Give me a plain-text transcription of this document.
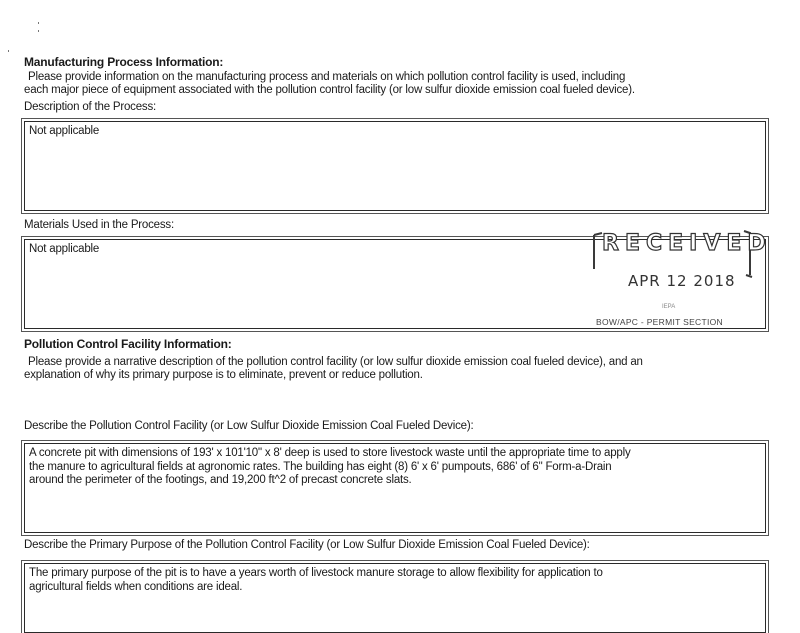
Manufacturing Process Information:
Please provide information on the manufacturing process and materials on which pollution control facility is used, including
each major piece of equipment associated with the pollution control facility (or low sulfur dioxide emission coal fueled device).
Description of the Process:
Not applicable
Materials Used in the Process:
Not applicable	RECEIVED
APR 12 2018
IEPA
BOW/APC - PERMIT SECTION
Pollution Control Facility Information:
Please provide a narrative description of the pollution control facility (or low sulfur dioxide emission coal fueled device), and an
explanation of why its primary purpose is to eliminate, prevent or reduce pollution.
Describe the Pollution Control Facility (or Low Sulfur Dioxide Emission Coal Fueled Device):
A concrete pit with dimensions of 193' x 101'10" x 8' deep is used to store livestock waste until the appropriate time to apply
the manure to agricultural fields at agronomic rates. The building has eight (8) 6' x 6' pumpouts, 686' of 6" Form-a-Drain
around the perimeter of the footings, and 19,200 ft^2 of precast concrete slats.
Describe the Primary Purpose of the Pollution Control Facility (or Low Sulfur Dioxide Emission Coal Fueled Device):
The primary purpose of the pit is to have a years worth of livestock manure storage to allow flexibility for application to
agricultural fields when conditions are ideal.
